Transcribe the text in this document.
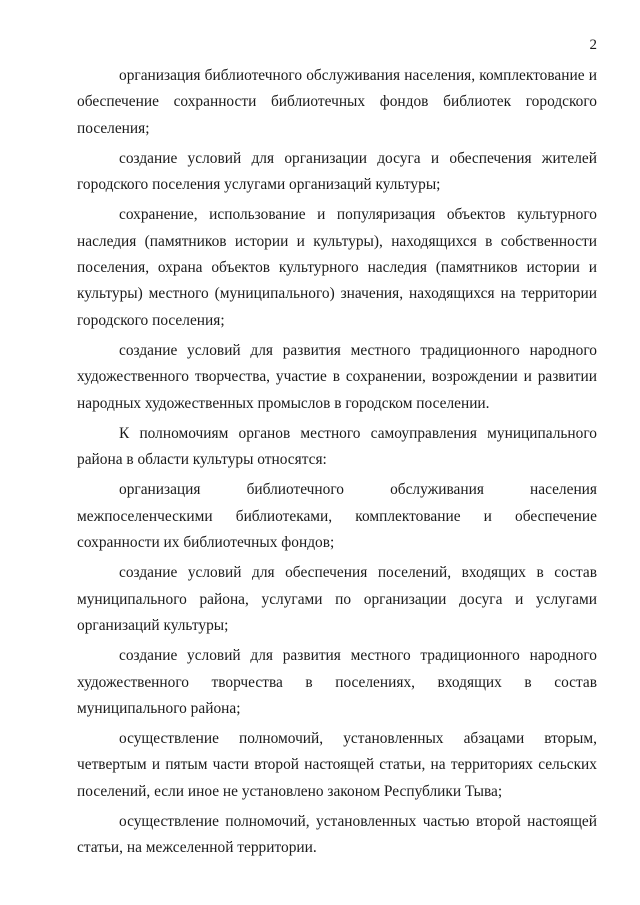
2

организация библиотечного обслуживания населения, комплектование и обеспечение сохранности библиотечных фондов библиотек городского поселения;

создание условий для организации досуга и обеспечения жителей городского поселения услугами организаций культуры;

сохранение, использование и популяризация объектов культурного наследия (памятников истории и культуры), находящихся в собственности поселения, охрана объектов культурного наследия (памятников истории и культуры) местного (муниципального) значения, находящихся на территории городского поселения;

создание условий для развития местного традиционного народного художественного творчества, участие в сохранении, возрождении и развитии народных художественных промыслов в городском поселении.

К полномочиям органов местного самоуправления муниципального района в области культуры относятся:

организация библиотечного обслуживания населения межпоселенческими библиотеками, комплектование и обеспечение сохранности их библиотечных фондов;

создание условий для обеспечения поселений, входящих в состав муниципального района, услугами по организации досуга и услугами организаций культуры;

создание условий для развития местного традиционного народного художественного творчества в поселениях, входящих в состав муниципального района;

осуществление полномочий, установленных абзацами вторым, четвертым и пятым части второй настоящей статьи, на территориях сельских поселений, если иное не установлено законом Республики Тыва;

осуществление полномочий, установленных частью второй настоящей статьи, на межселенной территории.
